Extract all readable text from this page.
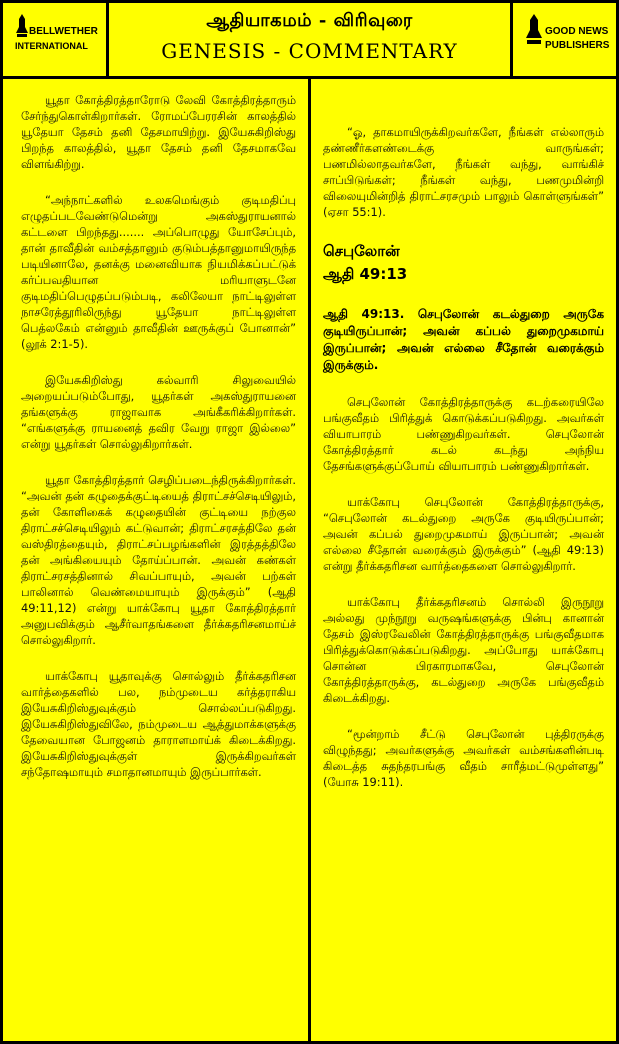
BELLWETHER
INTERNATIONAL
ஆதியாகமம் - விரிவுரை
GENESIS - COMMENTARY
GOOD NEWS
PUBLISHERS

யூதா கோத்திரத்தாரோடு லேவி கோத்திரத்தாரும் சேர்ந்துகொள்கிறார்கள். ரோமப்பேரரசின் காலத்தில் யூதேயா தேசம் தனி தேசமாயிற்று. இயேசுகிறிஸ்து பிறந்த காலத்தில், யூதா தேசம் தனி தேசமாகவே விளங்கிற்று.

“அந்நாட்களில் உலகமெங்கும் குடிமதிப்பு எழுதப்படவேண்டுமென்று அகஸ்துராயனால் கட்டளை பிறந்தது....... அப்பொழுது யோசேப்பும், தான் தாவீதின் வம்சத்தானும் குடும்பத்தானுமாயிருந்த படியினாலே, தனக்கு மனைவியாக நியமிக்கப்பட்டுக் கர்ப்பவதியான மரியாளுடனே குடிமதிப்பெழுதப்படும்படி, கலிலேயா நாட்டிலுள்ள நாசரேத்தூரிலிருந்து யூதேயா நாட்டிலுள்ள பெத்லகேம் என்னும் தாவீதின் ஊருக்குப் போனான்” (லூக் 2:1-5).

இயேசுகிறிஸ்து கல்வாரி சிலுவையில் அறையப்படும்போது, யூதர்கள் அகஸ்துராயனை தங்களுக்கு ராஜாவாக அங்கீகரிக்கிறார்கள். “எங்களுக்கு ராயனைத் தவிர வேறு ராஜா இல்லை” என்று யூதர்கள் சொல்லுகிறார்கள்.

யூதா கோத்திரத்தார் செழிப்படைந்திருக்கிறார்கள். “அவன் தன் கழுதைக்குட்டியைத் திராட்சச்செடியிலும், தன் கோளிகைக் கழுதையின் குட்டியை நற்குல திராட்சச்செடியிலும் கட்டுவான்; திராட்சரசத்திலே தன் வஸ்திரத்தையும், திராட்சப்பழங்களின் இரத்தத்திலே தன் அங்கியையும் தோய்ப்பான். அவன் கண்கள் திராட்சரசத்தினால் சிவப்பாயும், அவன் பற்கள் பாலினால் வெண்மையாயும் இருக்கும்” (ஆதி 49:11,12) என்று யாக்கோபு யூதா கோத்திரத்தார் அனுபவிக்கும் ஆசீர்வாதங்களை தீர்க்கதரிசனமாய்ச் சொல்லுகிறார்.

யாக்கோபு யூதாவுக்கு சொல்லும் தீர்க்கதரிசன வார்த்தைகளில் பல, நம்முடைய கர்த்தராகிய இயேசுகிறிஸ்துவுக்கும் சொல்லப்படுகிறது. இயேசுகிறிஸ்துவிலே, நம்முடைய ஆத்துமாக்களுக்கு தேவையான போஜனம் தாராளமாய்க் கிடைக்கிறது. இயேசுகிறிஸ்துவுக்குள் இருக்கிறவர்கள் சந்தோஷமாயும் சமாதானமாயும் இருப்பார்கள்.

“ஓ, தாகமாயிருக்கிறவர்களே, நீங்கள் எல்லாரும் தண்ணீர்களண்டைக்கு வாருங்கள்; பணமில்லாதவர்களே, நீங்கள் வந்து, வாங்கிச் சாப்பிடுங்கள்; நீங்கள் வந்து, பணமுமின்றி விலையுமின்றித் திராட்சரசமும் பாலும் கொள்ளுங்கள்” (ஏசா 55:1).

செபுலோன்
ஆதி 49:13
ஆதி 49:13. செபுலோன் கடல்துறை அருகே குடியிருப்பான்; அவன் கப்பல் துறைமுகமாய் இருப்பான்; அவன் எல்லை சீதோன் வரைக்கும் இருக்கும்.

செபுலோன் கோத்திரத்தாருக்கு கடற்கரையிலே பங்குவீதம் பிரித்துக் கொடுக்கப்படுகிறது. அவர்கள் வியாபாரம் பண்ணுகிறவர்கள். செபுலோன் கோத்திரத்தார் கடல் கடந்து அந்நிய தேசங்களுக்குப்போய் வியாபாரம் பண்ணுகிறார்கள்.

யாக்கோபு செபுலோன் கோத்திரத்தாருக்கு, “செபுலோன் கடல்துறை அருகே குடியிருப்பான்; அவன் கப்பல் துறைமுகமாய் இருப்பான்; அவன் எல்லை சீதோன் வரைக்கும் இருக்கும்” (ஆதி 49:13) என்று தீர்க்கதரிசன வார்த்தைகளை சொல்லுகிறார்.

யாக்கோபு தீர்க்கதரிசனம் சொல்லி இருநூறு அல்லது முந்நூறு வருஷங்களுக்கு பின்பு கானான் தேசம் இஸ்ரவேலின் கோத்திரத்தாருக்கு பங்குவீதமாக பிரித்துக்கொடுக்கப்படுகிறது. அப்போது யாக்கோபு சொன்ன பிரகாரமாகவே, செபுலோன் கோத்திரத்தாருக்கு, கடல்துறை அருகே பங்குவீதம் கிடைக்கிறது.

“மூன்றாம் சீட்டு செபுலோன் புத்திரருக்கு விழுந்தது; அவர்களுக்கு அவர்கள் வம்சங்களின்படி கிடைத்த சுதந்தரபங்கு வீதம் சாரீத்மட்டுமுள்ளது” (யோசு 19:11).
